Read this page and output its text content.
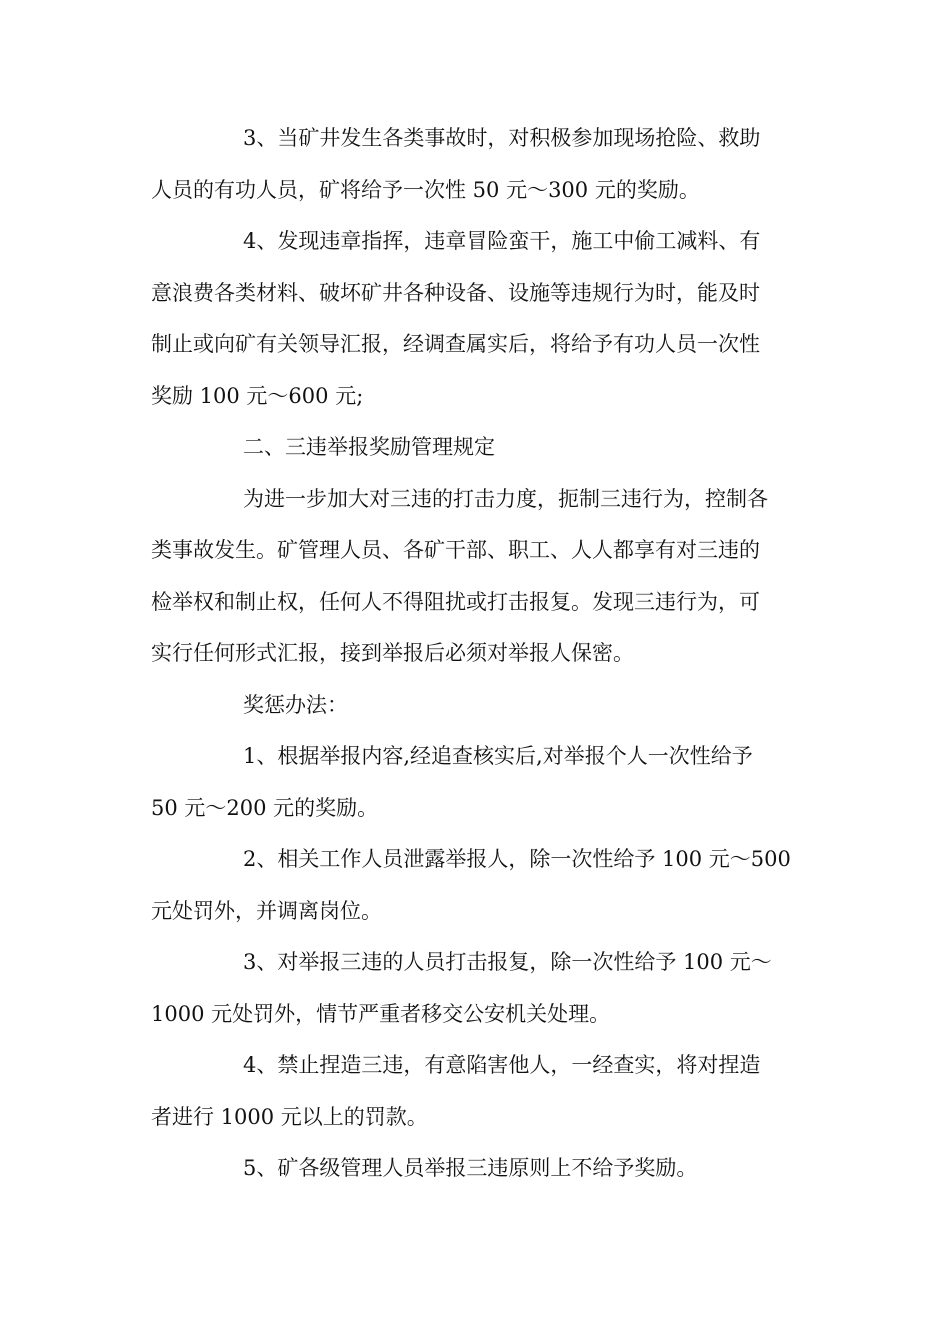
3、当矿井发生各类事故时，对积极参加现场抢险、救助
人员的有功人员，矿将给予一次性 50 元～300 元的奖励。
4、发现违章指挥，违章冒险蛮干，施工中偷工减料、有
意浪费各类材料、破坏矿井各种设备、设施等违规行为时，能及时
制止或向矿有关领导汇报，经调查属实后，将给予有功人员一次性
奖励 100 元～600 元;
二、三违举报奖励管理规定
为进一步加大对三违的打击力度，扼制三违行为，控制各
类事故发生。矿管理人员、各矿干部、职工、人人都享有对三违的
检举权和制止权，任何人不得阻扰或打击报复。发现三违行为，可
实行任何形式汇报，接到举报后必须对举报人保密。
奖惩办法：
1、根据举报内容,经追查核实后,对举报个人一次性给予
50 元～200 元的奖励。
2、相关工作人员泄露举报人，除一次性给予 100 元～500
元处罚外，并调离岗位。
3、对举报三违的人员打击报复，除一次性给予 100 元～
1000 元处罚外，情节严重者移交公安机关处理。
4、禁止捏造三违，有意陷害他人，一经查实，将对捏造
者进行 1000 元以上的罚款。
5、矿各级管理人员举报三违原则上不给予奖励。
